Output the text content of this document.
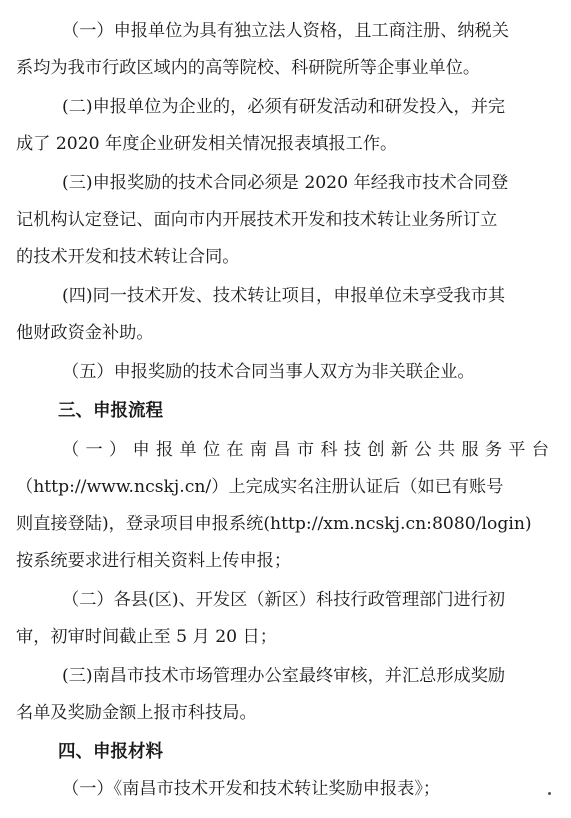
（一）申报单位为具有独立法人资格，且工商注册、纳税关
系均为我市行政区域内的高等院校、科研院所等企事业单位。
(二)申报单位为企业的，必须有研发活动和研发投入，并完
成了 2020 年度企业研发相关情况报表填报工作。
(三)申报奖励的技术合同必须是 2020 年经我市技术合同登
记机构认定登记、面向市内开展技术开发和技术转让业务所订立
的技术开发和技术转让合同。
(四)同一技术开发、技术转让项目，申报单位未享受我市其
他财政资金补助。
（五）申报奖励的技术合同当事人双方为非关联企业。
三、申报流程
（一）申报单位在南昌市科技创新公共服务平台
（http://www.ncskj.cn/）上完成实名注册认证后（如已有账号
则直接登陆)，登录项目申报系统(http://xm.ncskj.cn:8080/login)
按系统要求进行相关资料上传申报；
（二）各县(区)、开发区（新区）科技行政管理部门进行初
审，初审时间截止至 5 月 20 日；
(三)南昌市技术市场管理办公室最终审核，并汇总形成奖励
名单及奖励金额上报市科技局。
四、申报材料
（一）《南昌市技术开发和技术转让奖励申报表》；
